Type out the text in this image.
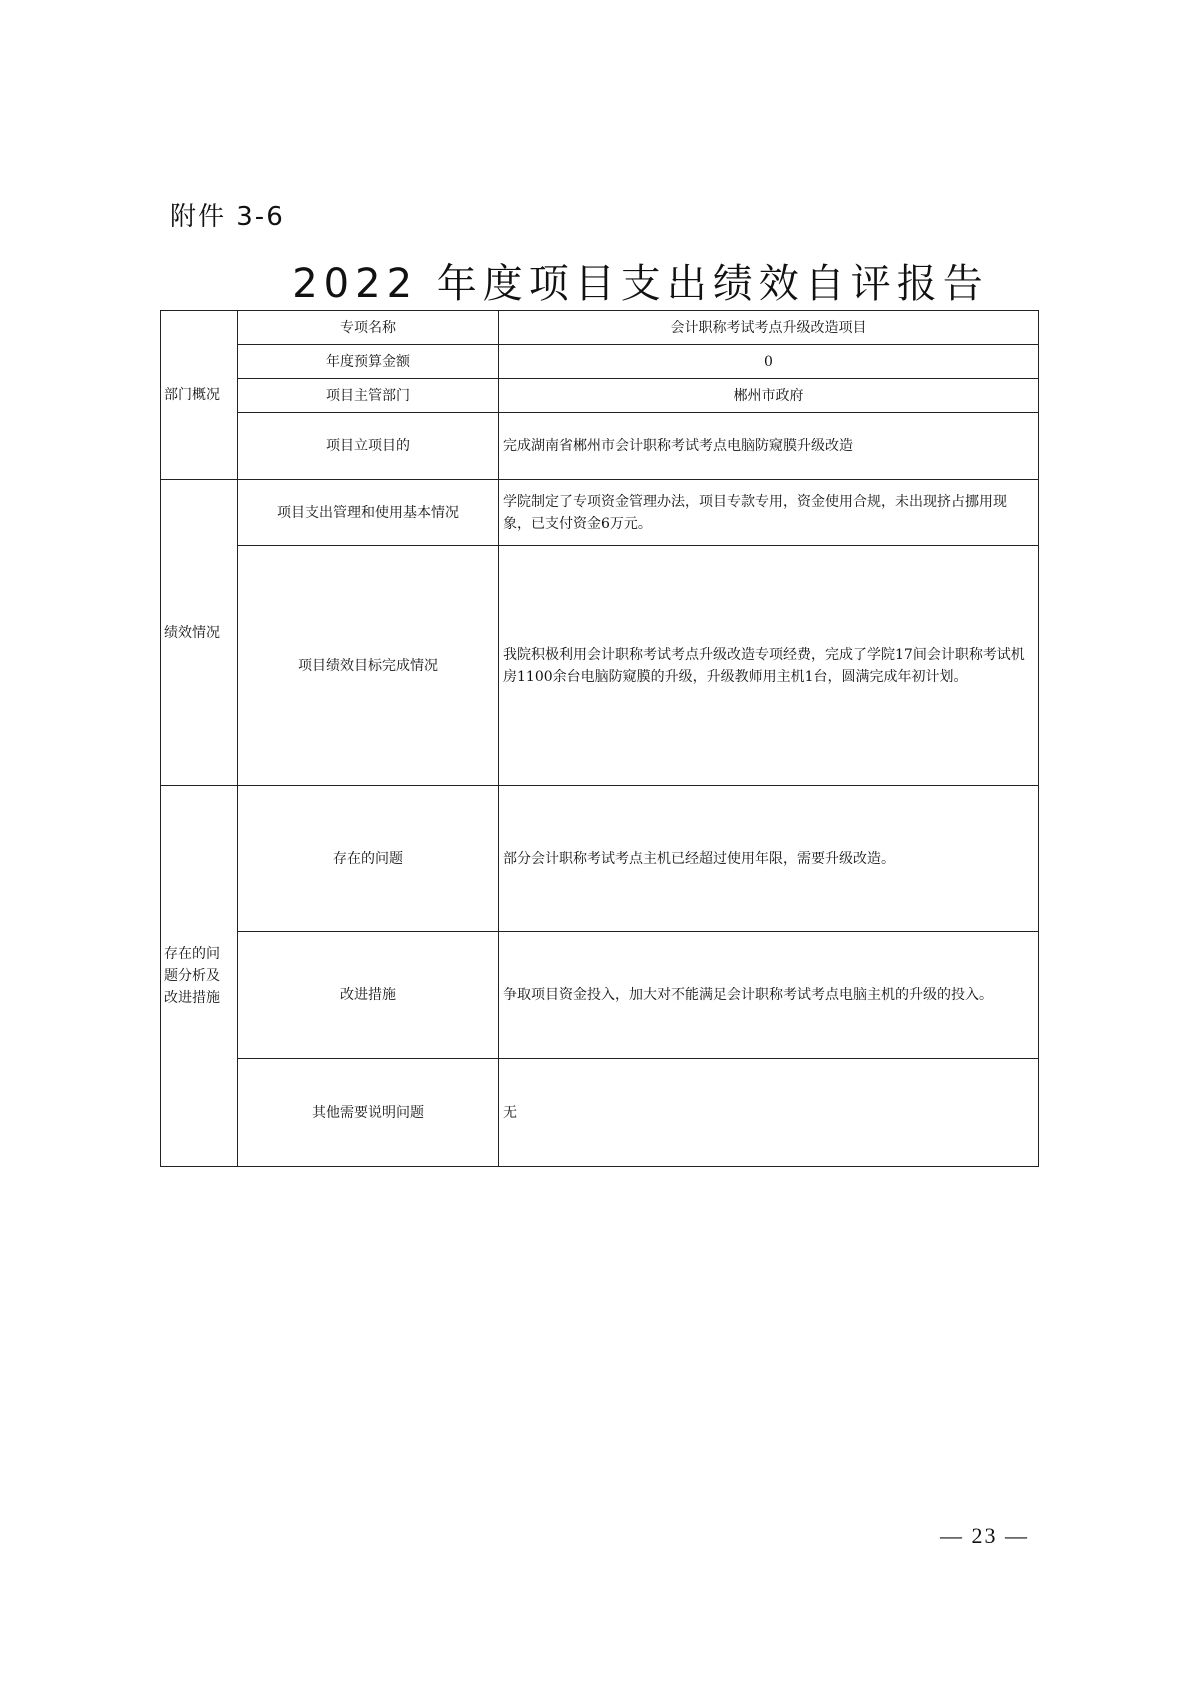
附件 3-6
2022 年度项目支出绩效自评报告
部门概况	专项名称	会计职称考试考点升级改造项目
	年度预算金额	0
	项目主管部门	郴州市政府
	项目立项目的	完成湖南省郴州市会计职称考试考点电脑防窥膜升级改造
绩效情况	项目支出管理和使用基本情况	学院制定了专项资金管理办法，项目专款专用，资金使用合规，未出现挤占挪用现象，已支付资金6万元。
	项目绩效目标完成情况	我院积极利用会计职称考试考点升级改造专项经费，完成了学院17间会计职称考试机房1100余台电脑防窥膜的升级，升级教师用主机1台，圆满完成年初计划。
存在的问题分析及改进措施	存在的问题	部分会计职称考试考点主机已经超过使用年限，需要升级改造。
	改进措施	争取项目资金投入，加大对不能满足会计职称考试考点电脑主机的升级的投入。
	其他需要说明问题	无
— 23 —
